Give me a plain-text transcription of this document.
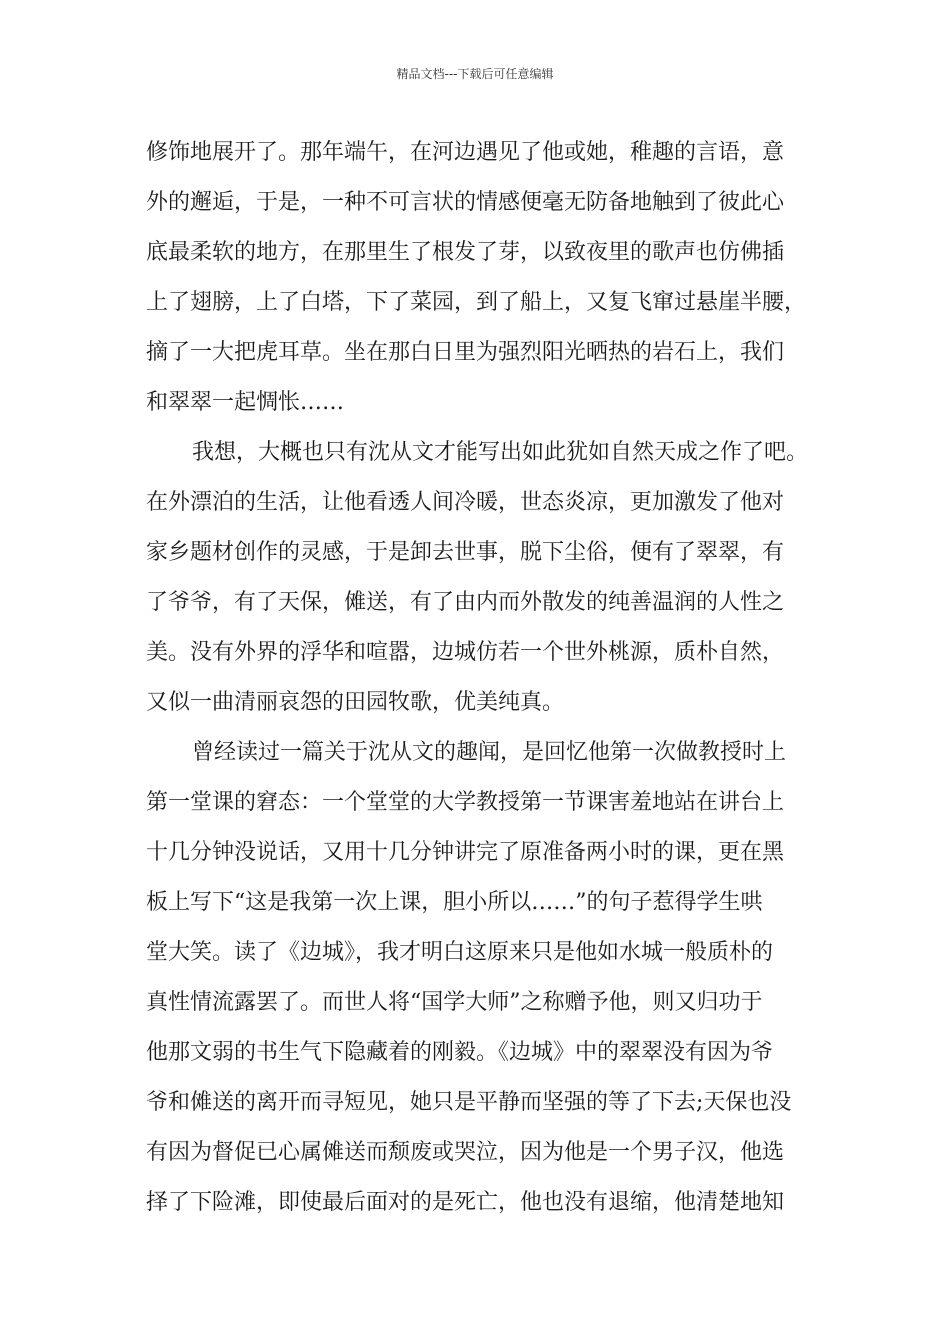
精品文档---下载后可任意编辑
修饰地展开了。那年端午，在河边遇见了他或她，稚趣的言语，意
外的邂逅，于是，一种不可言状的情感便毫无防备地触到了彼此心
底最柔软的地方，在那里生了根发了芽，以致夜里的歌声也仿佛插
上了翅膀，上了白塔，下了菜园，到了船上，又复飞窜过悬崖半腰，
摘了一大把虎耳草。坐在那白日里为强烈阳光晒热的岩石上，我们
和翠翠一起惆怅……
我想，大概也只有沈从文才能写出如此犹如自然天成之作了吧。
在外漂泊的生活，让他看透人间冷暖，世态炎凉，更加激发了他对
家乡题材创作的灵感，于是卸去世事，脱下尘俗，便有了翠翠，有
了爷爷，有了天保，傩送，有了由内而外散发的纯善温润的人性之
美。没有外界的浮华和喧嚣，边城仿若一个世外桃源，质朴自然，
又似一曲清丽哀怨的田园牧歌，优美纯真。
曾经读过一篇关于沈从文的趣闻，是回忆他第一次做教授时上
第一堂课的窘态：一个堂堂的大学教授第一节课害羞地站在讲台上
十几分钟没说话，又用十几分钟讲完了原准备两小时的课，更在黑
板上写下“这是我第一次上课，胆小所以……”的句子惹得学生哄
堂大笑。读了《边城》，我才明白这原来只是他如水城一般质朴的
真性情流露罢了。而世人将“国学大师”之称赠予他，则又归功于
他那文弱的书生气下隐藏着的刚毅。《边城》中的翠翠没有因为爷
爷和傩送的离开而寻短见，她只是平静而坚强的等了下去;天保也没
有因为督促已心属傩送而颓废或哭泣，因为他是一个男子汉，他选
择了下险滩，即使最后面对的是死亡，他也没有退缩，他清楚地知
